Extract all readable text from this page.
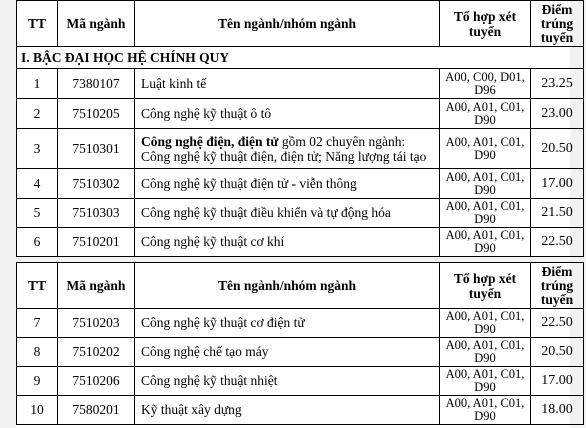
TT	Mã ngành	Tên ngành/nhóm ngành	Tổ hợp xét tuyển	Điểm trúng tuyển
I. BẬC ĐẠI HỌC HỆ CHÍNH QUY				
1	7380107	Luật kinh tế	A00, C00, D01, D96	23.25
2	7510205	Công nghệ kỹ thuật ô tô	A00, A01, C01, D90	23.00
3	7510301	Công nghệ điện, điện tử gồm 02 chuyên ngành: Công nghệ kỹ thuật điện, điện tử; Năng lượng tái tạo	A00, A01, C01, D90	20.50
4	7510302	Công nghệ kỹ thuật điện tử - viễn thông	A00, A01, C01, D90	17.00
5	7510303	Công nghệ kỹ thuật điều khiển và tự động hóa	A00, A01, C01, D90	21.50
6	7510201	Công nghệ kỹ thuật cơ khí	A00, A01, C01, D90	22.50
TT	Mã ngành	Tên ngành/nhóm ngành	Tổ hợp xét tuyển	Điểm trúng tuyển
7	7510203	Công nghệ kỹ thuật cơ điện tử	A00, A01, C01, D90	22.50
8	7510202	Công nghệ chế tạo máy	A00, A01, C01, D90	20.50
9	7510206	Công nghệ kỹ thuật nhiệt	A00, A01, C01, D90	17.00
10	7580201	Kỹ thuật xây dựng	A00, A01, C01, D90	18.00
